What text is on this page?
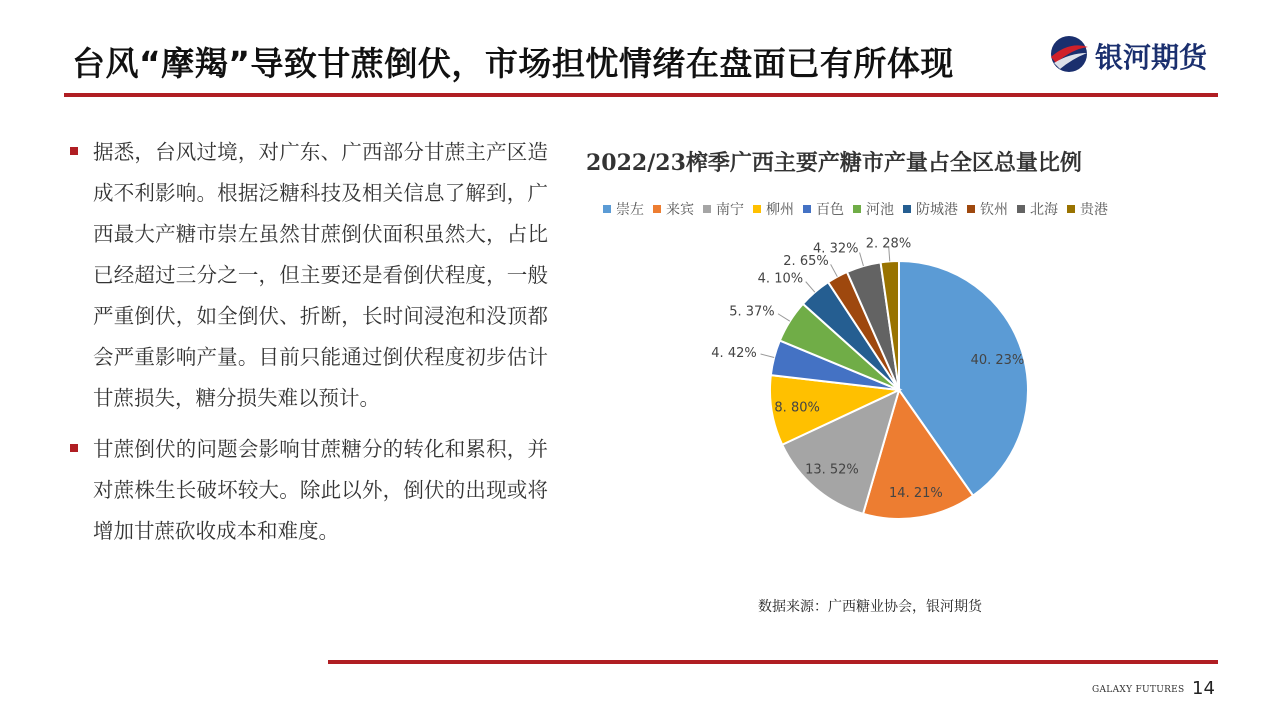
台风“摩羯”导致甘蔗倒伏，市场担忧情绪在盘面已有所体现	银河期货
据悉，台风过境，对广东、广西部分甘蔗主产区造成不利影响。根据泛糖科技及相关信息了解到，广西最大产糖市崇左虽然甘蔗倒伏面积虽然大，占比已经超过三分之一，但主要还是看倒伏程度，一般严重倒伏，如全倒伏、折断，长时间浸泡和没顶都会严重影响产量。目前只能通过倒伏程度初步估计甘蔗损失，糖分损失难以预计。
甘蔗倒伏的问题会影响甘蔗糖分的转化和累积，并对蔗株生长破坏较大。除此以外，倒伏的出现或将增加甘蔗砍收成本和难度。
2022/23榨季广西主要产糖市产量占全区总量比例
崇左 来宾 南宁 柳州 百色 河池 防城港 钦州 北海 贵港
40. 23%
14. 21%
13. 52%
8. 80%
4. 42%
5. 37%
4. 10%
2. 65%
4. 32% 2. 28%
数据来源：广西糖业协会，银河期货
GALAXY FUTURES 14
